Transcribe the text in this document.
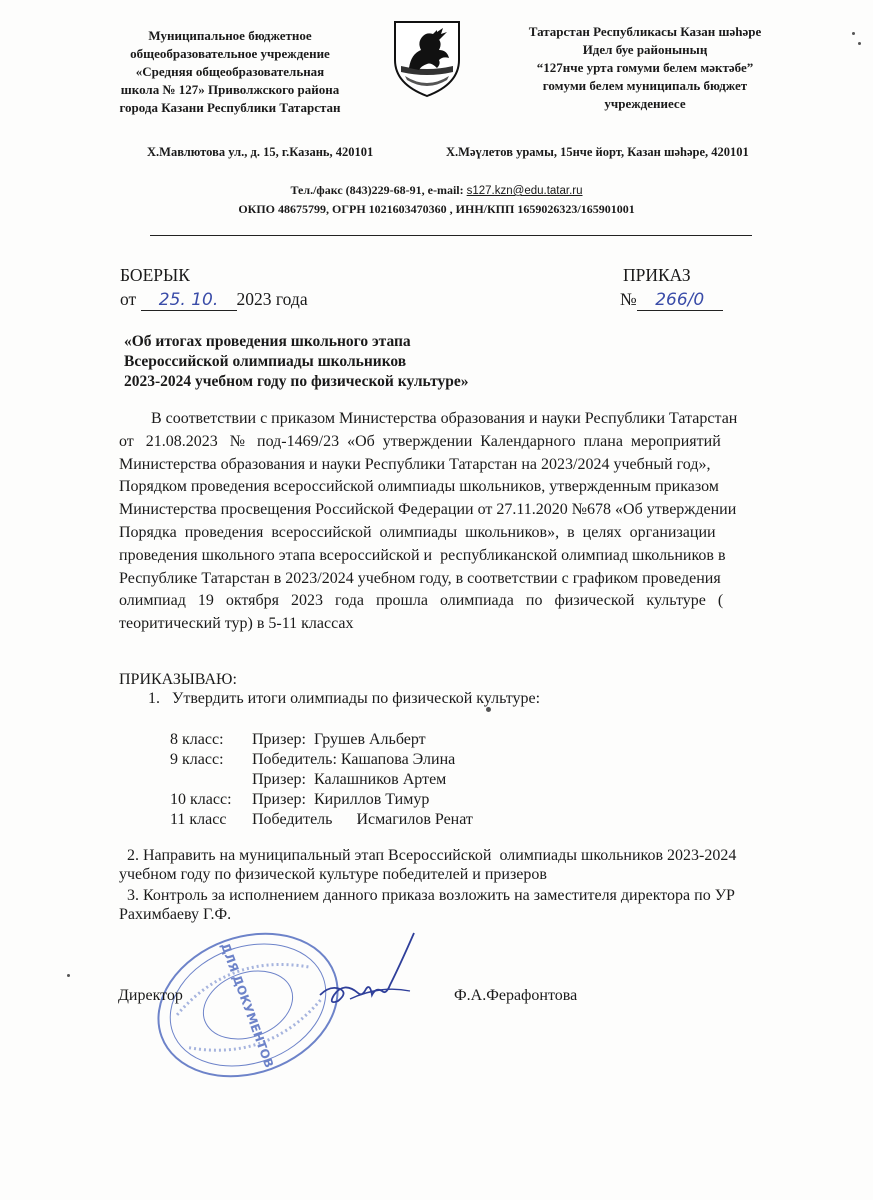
Муниципальное бюджетное
общеобразовательное учреждение
«Средняя общеобразовательная
школа № 127» Приволжского района
города Казани Республики Татарстан
Татарстан Республикасы Казан шәһәре
Идел буе районының
“127нче урта гомуми белем мәктәбе”
гомуми белем муниципаль бюджет
учреждениесе
Х.Мавлютова ул., д. 15, г.Казань, 420101	Х.Мәүлетов урамы, 15нче йорт, Казан шәһәре, 420101
Тел./факс (843)229-68-91, e-mail: s127.kzn@edu.tatar.ru
ОКПО 48675799, ОГРН 1021603470360 , ИНН/КПП 1659026323/165901001
БОЕРЫК	ПРИКАЗ
от 25. 10. 2023 года	№ 266/0
«Об итогах проведения школьного этапа
Всероссийской олимпиады школьников
2023-2024 учебном году по физической культуре»
В соответствии с приказом Министерства образования и науки Республики Татарстан
от   21.08.2023   №   под-1469/23  «Об  утверждении  Календарного  плана  мероприятий
Министерства образования и науки Республики Татарстан на 2023/2024 учебный год»,
Порядком проведения всероссийской олимпиады школьников, утвержденным приказом
Министерства просвещения Российской Федерации от 27.11.2020 №678 «Об утверждении
Порядка  проведения  всероссийской  олимпиады  школьников»,  в  целях  организации
проведения школьного этапа всероссийской и  республиканской олимпиад школьников в
Республике Татарстан в 2023/2024 учебном году, в соответствии с графиком проведения
олимпиад   19   октября   2023   года   прошла   олимпиада   по   физической   культуре   (
теоритический тур) в 5-11 классах
ПРИКАЗЫВАЮ:
1.   Утвердить итоги олимпиады по физической культуре:
8 класс: Призер:  Грушев Альберт
9 класс: Победитель: Кашапова Элина
Призер:  Калашников Артем
10 класс: Призер:  Кириллов Тимур
11 класс Победитель      Исмагилов Ренат
2. Направить на муниципальный этап Всероссийской  олимпиады школьников 2023-2024
учебном году по физической культуре победителей и призеров
3. Контроль за исполнением данного приказа возложить на заместителя директора по УР
Рахимбаеву Г.Ф.
ДЛЯ ДОКУМЕНТОВ
Директор	Ф.А.Ферафонтова
